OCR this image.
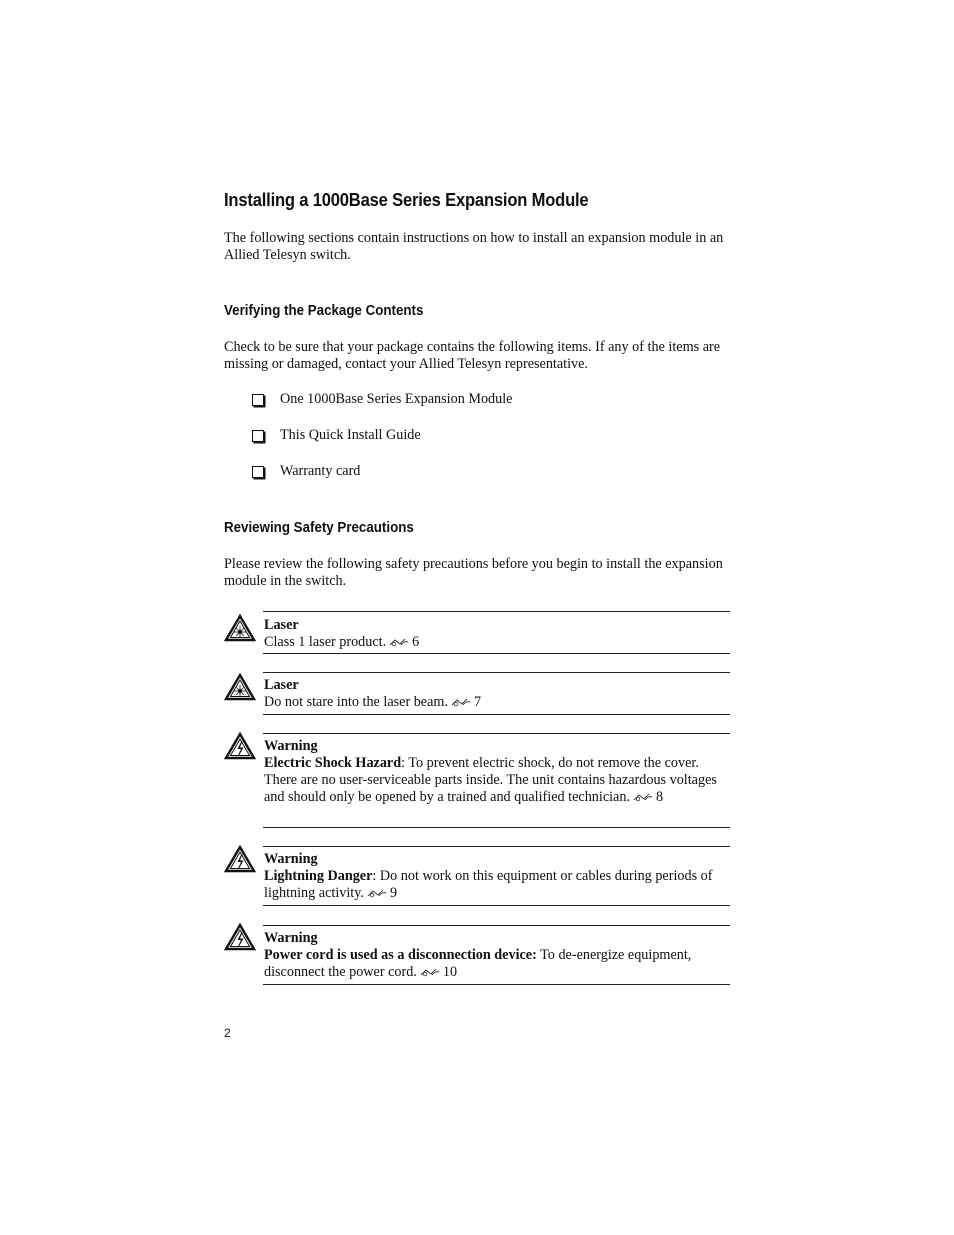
Installing a 1000Base Series Expansion Module

The following sections contain instructions on how to install an expansion module in an Allied Telesyn switch.

Verifying the Package Contents

Check to be sure that your package contains the following items. If any of the items are missing or damaged, contact your Allied Telesyn representative.

One 1000Base Series Expansion Module
This Quick Install Guide
Warranty card
Reviewing Safety Precautions

Please review the following safety precautions before you begin to install the expansion module in the switch.

Laser
Class 1 laser product. 6
Laser
Do not stare into the laser beam. 7
Warning
Electric Shock Hazard: To prevent electric shock, do not remove the cover. There are no user-serviceable parts inside. The unit contains hazardous voltages and should only be opened by a trained and qualified technician. 8
Warning
Lightning Danger: Do not work on this equipment or cables during periods of lightning activity. 9
Warning
Power cord is used as a disconnection device: To de-energize equipment, disconnect the power cord. 10
2
